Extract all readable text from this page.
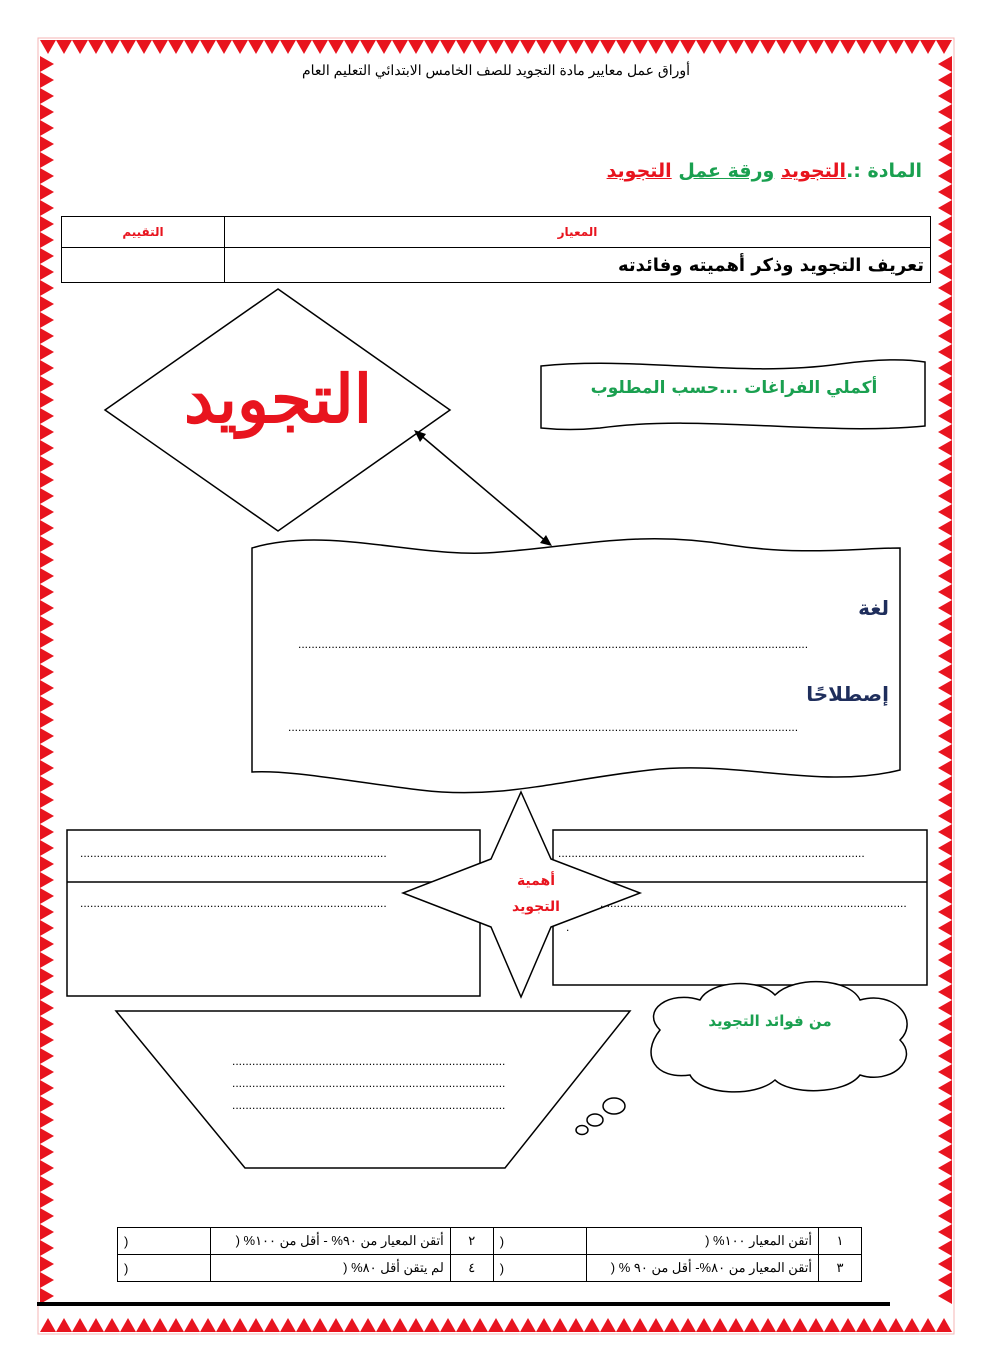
أوراق عمل معايير مادة التجويد للصف الخامس الابتدائي التعليم العام
المادة :.التجويد ورقة عمل التجويد
المعيار	التقييم
تعريف التجويد وذكر أهميته وفائدته	
أكملي الفراغات ...حسب المطلوب
التجويد
لغة
.........................................................................................................................................................
إصطلاحًا
.........................................................................................................................................................
............................................................................................
............................................................................................
............................................................................................
............................................................................................
.
أهمية
التجويد
من فوائد التجويد
..................................................................................
..................................................................................
..................................................................................
١	أتقن المعيار ١٠٠% (	)	٢	أتقن المعيار من ٩٠% - أقل من ١٠٠% (	)
٣	أتقن المعيار من ٨٠%- أقل من ٩٠ % (	)	٤	لم يتقن أقل ٨٠% (	)
